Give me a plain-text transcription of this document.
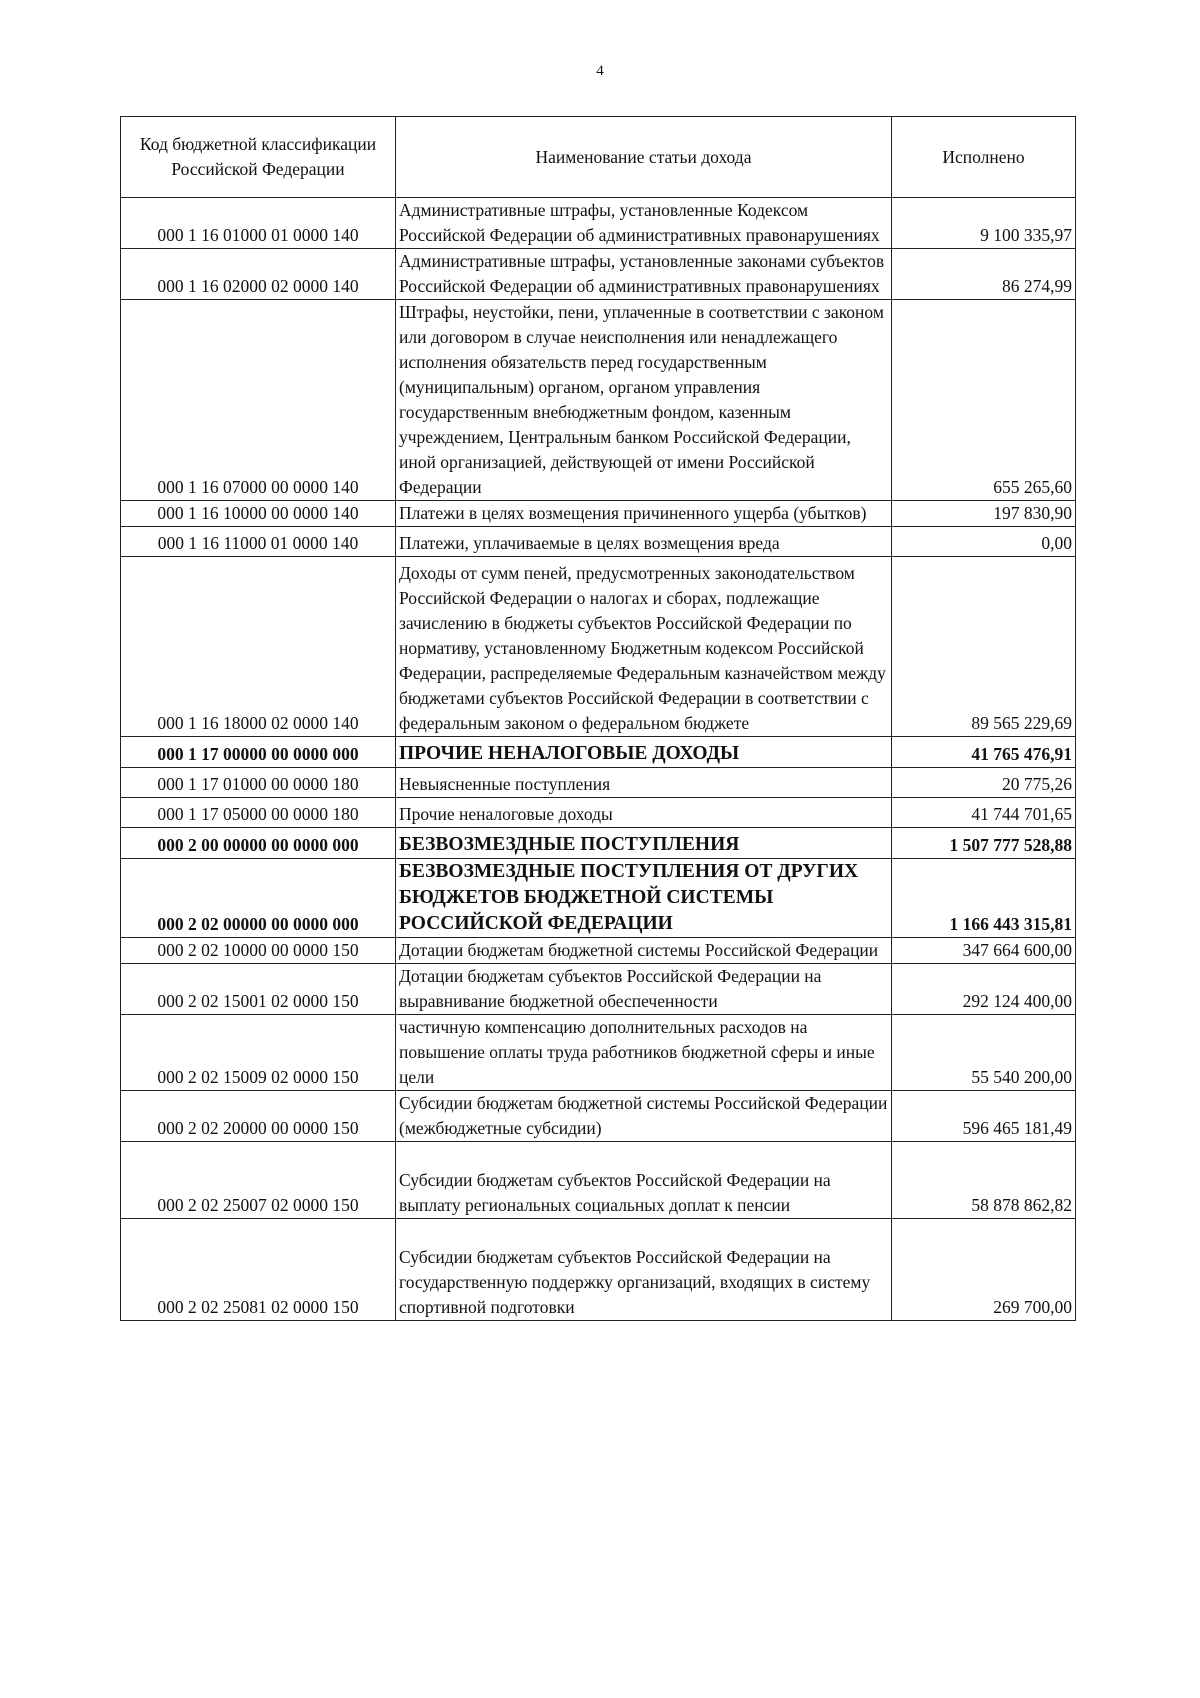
4
Код бюджетной классификации Российской Федерации	Наименование статьи дохода	Исполнено
000 1 16 01000 01 0000 140	Административные штрафы, установленные Кодексом Российской Федерации об административных правонарушениях	9 100 335,97
000 1 16 02000 02 0000 140	Административные штрафы, установленные законами субъектов Российской Федерации об административных правонарушениях	86 274,99
000 1 16 07000 00 0000 140	Штрафы, неустойки, пени, уплаченные в соответствии с законом или договором в случае неисполнения или ненадлежащего исполнения обязательств перед государственным (муниципальным) органом, органом управления государственным внебюджетным фондом, казенным учреждением, Центральным банком Российской Федерации, иной организацией, действующей от имени Российской Федерации	655 265,60
000 1 16 10000 00 0000 140	Платежи в целях возмещения причиненного ущерба (убытков)	197 830,90
000 1 16 11000 01 0000 140	Платежи, уплачиваемые в целях возмещения вреда	0,00
000 1 16 18000 02 0000 140	Доходы от сумм пеней, предусмотренных законодательством Российской Федерации о налогах и сборах, подлежащие зачислению в бюджеты субъектов Российской Федерации по нормативу, установленному Бюджетным кодексом Российской Федерации, распределяемые Федеральным казначейством между бюджетами субъектов Российской Федерации в соответствии с федеральным законом о федеральном бюджете	89 565 229,69
000 1 17 00000 00 0000 000	ПРОЧИЕ НЕНАЛОГОВЫЕ ДОХОДЫ	41 765 476,91
000 1 17 01000 00 0000 180	Невыясненные поступления	20 775,26
000 1 17 05000 00 0000 180	Прочие неналоговые доходы	41 744 701,65
000 2 00 00000 00 0000 000	БЕЗВОЗМЕЗДНЫЕ ПОСТУПЛЕНИЯ	1 507 777 528,88
000 2 02 00000 00 0000 000	БЕЗВОЗМЕЗДНЫЕ ПОСТУПЛЕНИЯ ОТ ДРУГИХ БЮДЖЕТОВ БЮДЖЕТНОЙ СИСТЕМЫ РОССИЙСКОЙ ФЕДЕРАЦИИ	1 166 443 315,81
000 2 02 10000 00 0000 150	Дотации бюджетам бюджетной системы Российской Федерации	347 664 600,00
000 2 02 15001 02 0000 150	Дотации бюджетам субъектов Российской Федерации на выравнивание бюджетной обеспеченности	292 124 400,00
000 2 02 15009 02 0000 150	частичную компенсацию дополнительных расходов на повышение оплаты труда работников бюджетной сферы и иные цели	55 540 200,00
000 2 02 20000 00 0000 150	Субсидии бюджетам бюджетной системы Российской Федерации (межбюджетные субсидии)	596 465 181,49
000 2 02 25007 02 0000 150	Субсидии бюджетам субъектов Российской Федерации на выплату региональных социальных доплат к пенсии	58 878 862,82
000 2 02 25081 02 0000 150	Субсидии бюджетам субъектов Российской Федерации на государственную поддержку организаций, входящих в систему спортивной подготовки	269 700,00
